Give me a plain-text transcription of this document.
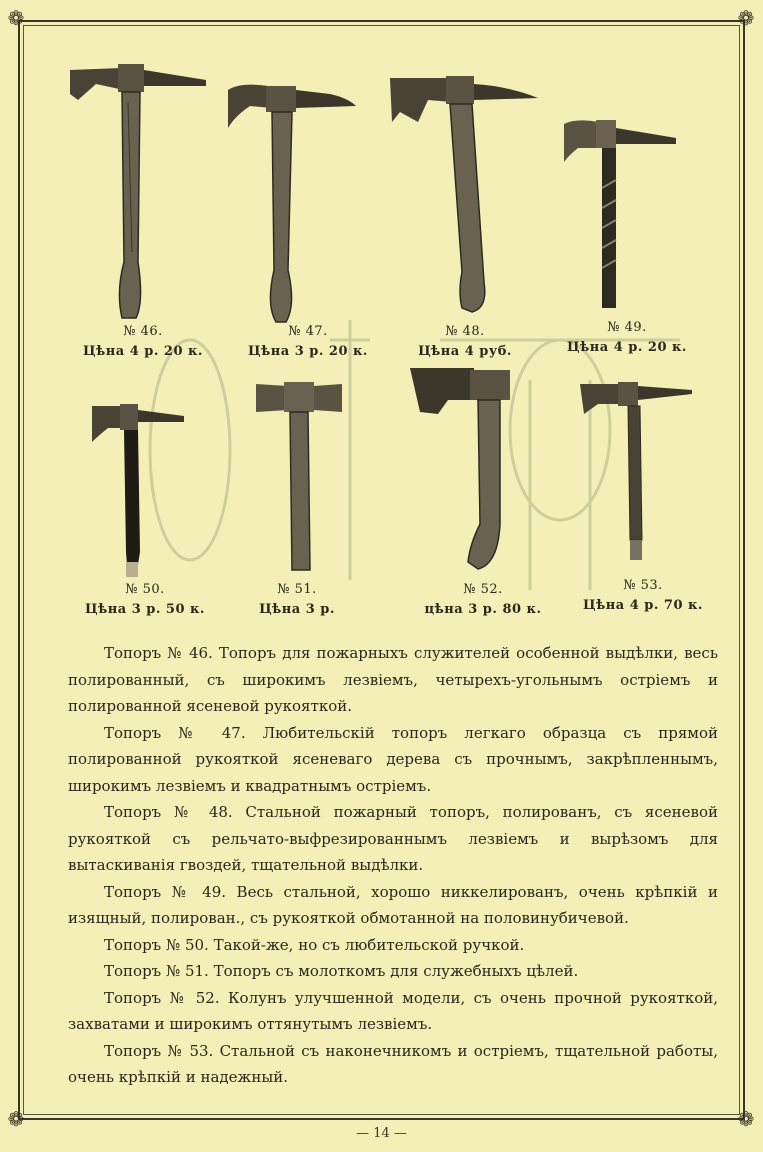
❁	❁
❁	❁
№ 46.
Цѣна 4 р. 20 к.
№ 47.
Цѣна 3 р. 20 к.
№ 48.
Цѣна 4 руб.
№ 49.
Цѣна 4 р. 20 к.
№ 50.
Цѣна 3 р. 50 к.
№ 51.
Цѣна 3 р.
№ 52.
цѣна 3 р. 80 к.
№ 53.
Цѣна 4 р. 70 к.

Топоръ № 46. Топоръ для пожарныхъ служителей особенной выдѣлки, весь полированный, съ широкимъ лезвіемъ, четырехъ-угольнымъ остріемъ и полированной ясеневой рукояткой.

Топоръ № 47. Любительскій топоръ легкаго образца съ прямой полированной рукояткой ясеневаго дерева съ прочнымъ, закрѣпленнымъ, широкимъ лезвіемъ и квадратнымъ остріемъ.

Топоръ № 48. Стальной пожарный топоръ, полированъ, съ ясеневой рукояткой съ рельчато-выфрезированнымъ лезвіемъ и вырѣзомъ для вытаскиванія гвоздей, тщательной выдѣлки.

Топоръ № 49. Весь стальной, хорошо никкелированъ, очень крѣпкій и изящный, полирован., съ рукояткой обмотанной на половинубичевой.

Топоръ № 50. Такой-же, но съ любительской ручкой.

Топоръ № 51. Топоръ съ молоткомъ для служебныхъ цѣлей.

Топоръ № 52. Колунъ улучшенной модели, съ очень прочной рукояткой, захватами и широкимъ оттянутымъ лезвіемъ.

Топоръ № 53. Стальной съ наконечникомъ и остріемъ, тщательной работы, очень крѣпкій и надежный.

— 14 —
